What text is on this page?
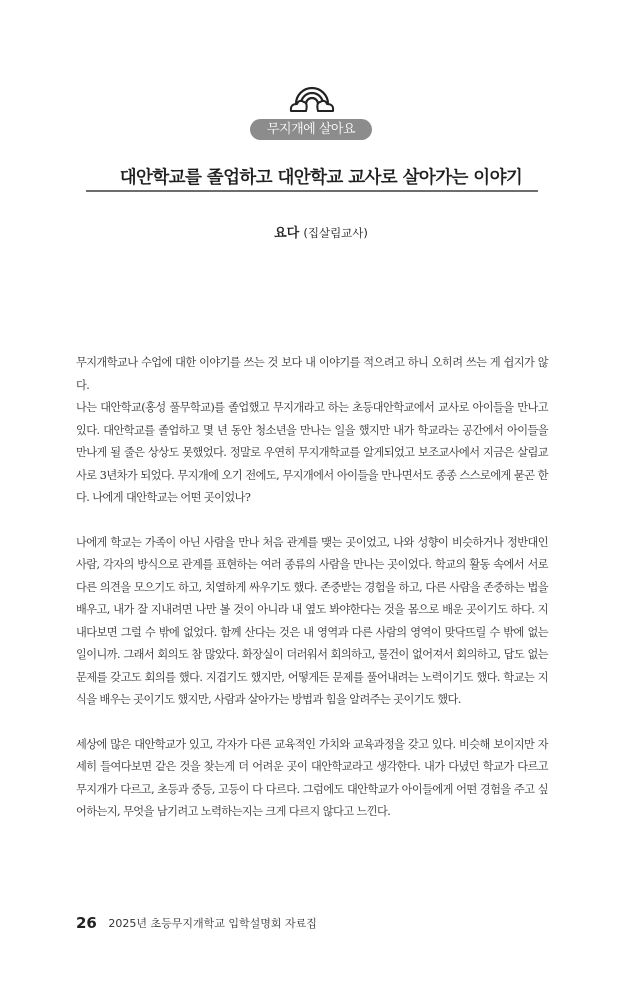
무지개에 살아요
대안학교를 졸업하고 대안학교 교사로 살아가는 이야기
요다 (집살림교사)

무지개학교나 수업에 대한 이야기를 쓰는 것 보다 내 이야기를 적으려고 하니 오히려 쓰는 게 쉽지가 않다.

나는 대안학교(홍성 풀무학교)를 졸업했고 무지개라고 하는 초등대안학교에서 교사로 아이들을 만나고 있다. 대안학교를 졸업하고 몇 년 동안 청소년을 만나는 일을 했지만 내가 학교라는 공간에서 아이들을 만나게 될 줄은 상상도 못했었다. 정말로 우연히 무지개학교를 알게되었고 보조교사에서 지금은 살림교사로 3년차가 되었다. 무지개에 오기 전에도, 무지개에서 아이들을 만나면서도 종종 스스로에게 묻곤 한다. 나에게 대안학교는 어떤 곳이었나?

나에게 학교는 가족이 아닌 사람을 만나 처음 관계를 맺는 곳이었고, 나와 성향이 비슷하거나 정반대인 사람, 각자의 방식으로 관계를 표현하는 여러 종류의 사람을 만나는 곳이었다. 학교의 활동 속에서 서로 다른 의견을 모으기도 하고, 치열하게 싸우기도 했다. 존중받는 경험을 하고, 다른 사람을 존중하는 법을 배우고, 내가 잘 지내려면 나만 볼 것이 아니라 내 옆도 봐야한다는 것을 몸으로 배운 곳이기도 하다. 지내다보면 그럴 수 밖에 없었다. 함께 산다는 것은 내 영역과 다른 사람의 영역이 맞닥뜨릴 수 밖에 없는 일이니까. 그래서 회의도 참 많았다. 화장실이 더러워서 회의하고, 물건이 없어져서 회의하고, 답도 없는 문제를 갖고도 회의를 했다. 지겹기도 했지만, 어떻게든 문제를 풀어내려는 노력이기도 했다. 학교는 지식을 배우는 곳이기도 했지만, 사람과 살아가는 방법과 힘을 알려주는 곳이기도 했다.

세상에 많은 대안학교가 있고, 각자가 다른 교육적인 가치와 교육과정을 갖고 있다. 비슷해 보이지만 자세히 들여다보면 같은 것을 찾는게 더 어려운 곳이 대안학교라고 생각한다. 내가 다녔던 학교가 다르고 무지개가 다르고, 초등과 중등, 고등이 다 다르다. 그럼에도 대안학교가 아이들에게 어떤 경험을 주고 싶어하는지, 무엇을 남기려고 노력하는지는 크게 다르지 않다고 느낀다.

26 2025년 초등무지개학교 입학설명회 자료집
